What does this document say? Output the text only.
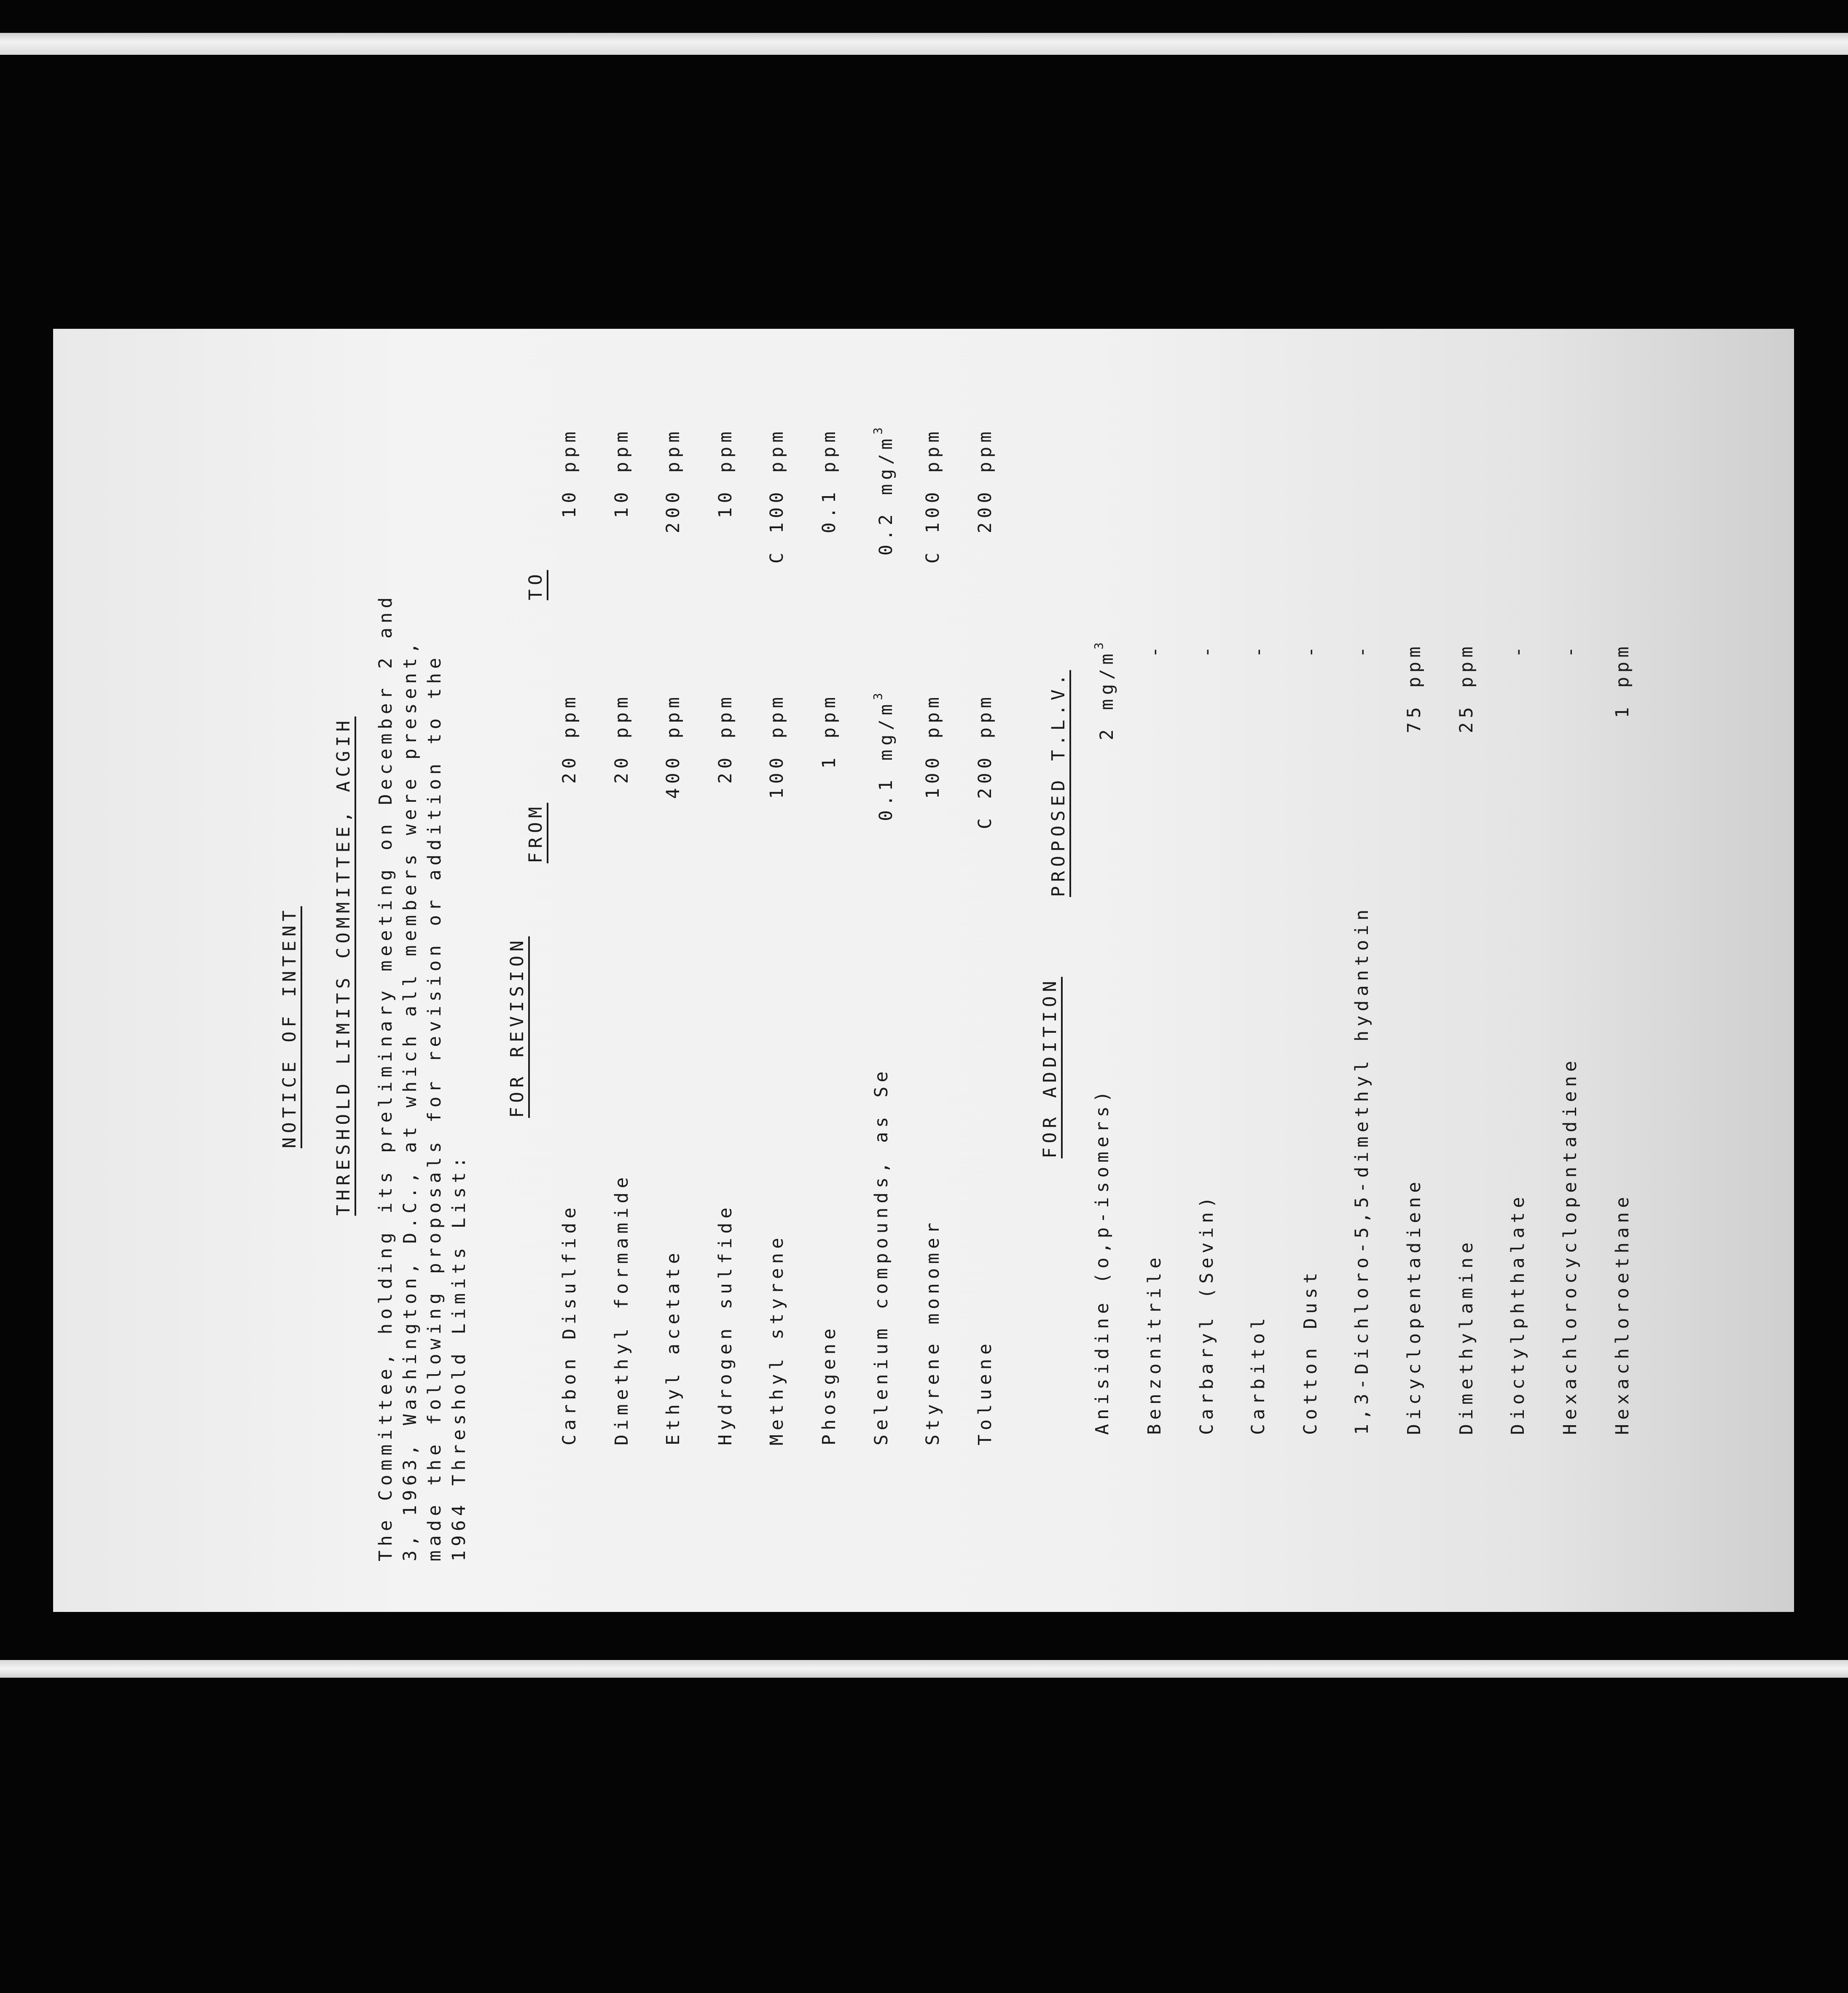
NOTICE OF INTENT THRESHOLD LIMITS COMMITTEE, ACGIH The Committee, holding its preliminary meeting on December 2 and 3, 1963, Washington, D.C., at which all members were present, made the following proposals for revision or addition to the 1964 Threshold Limits List:
FOR REVISION
FROM
TO
Carbon Disulfide
20 ppm
10 ppm
Dimethyl formamide
20 ppm
10 ppm
Ethyl acetate
400 ppm
200 ppm
Hydrogen sulfide
20 ppm
10 ppm
Methyl styrene
100 ppm
C 100 ppm
Phosgene
1 ppm
0.1 ppm
Selenium compounds, as Se
0.1 $mg/m^3$
0.2 $mg/m^3$
Styrene monomer
100 ppm
C 100 ppm
Toluene
C 200 ppm
200 ppm
FOR ADDITION
PROPOSED T.L.V.
Anisidine (o,p-isomers)
2 $mg/m^3$
Benzonitrile
-
Carbaryl (Sevin)
-
Carbitol
-
Cotton Dust
-
1,3-Dichloro-5,5-dimethyl hydantoin
-
Dicyclopentadiene
75 ppm
Dimethylamine
25 ppm
Dioctylphthalate
-
Hexachlorocyclopentadiene
-
Hexachloroethane
1 ppm
